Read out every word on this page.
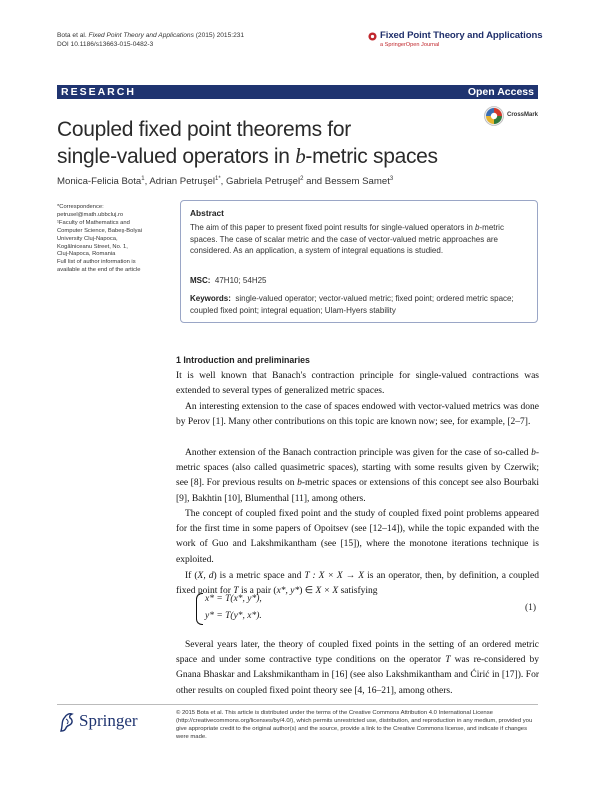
Bota et al. Fixed Point Theory and Applications (2015) 2015:231
DOI 10.1186/s13663-015-0482-3
Fixed Point Theory and Applications
a SpringerOpen Journal
RESEARCH	Open Access
CrossMark
Coupled fixed point theorems for
single-valued operators in b-metric spaces
Monica-Felicia Bota$^1$, Adrian Petruşel$^{1*}$, Gabriela Petruşel$^2$ and Bessem Samet$^3$

*Correspondence:

petrusel@math.ubbcluj.ro

¹Faculty of Mathematics and

Computer Science, Babeş-Bolyai

University Cluj-Napoca,

Kogălniceanu Street, No. 1,

Cluj-Napoca, Romania

Full list of author information is

available at the end of the article

Abstract
The aim of this paper to present fixed point results for single-valued operators in b-metric spaces. The case of scalar metric and the case of vector-valued metric approaches are considered. As an application, a system of integral equations is studied.
MSC: 47H10; 54H25
Keywords: single-valued operator; vector-valued metric; fixed point; ordered metric space; coupled fixed point; integral equation; Ulam-Hyers stability
1 Introduction and preliminaries
It is well known that Banach's contraction principle for single-valued contractions was extended to several types of generalized metric spaces.
An interesting extension to the case of spaces endowed with vector-valued metrics was done by Perov [1]. Many other contributions on this topic are known now; see, for example, [2–7].
Another extension of the Banach contraction principle was given for the case of so-called b-metric spaces (also called quasimetric spaces), starting with some results given by Czerwik; see [8]. For previous results on b-metric spaces or extensions of this concept see also Bourbaki [9], Bakhtin [10], Blumenthal [11], among others.
The concept of coupled fixed point and the study of coupled fixed point problems appeared for the first time in some papers of Opoitsev (see [12–14]), while the topic expanded with the work of Guo and Lakshmikantham (see [15]), where the monotone iterations technique is exploited.
If (X, d) is a metric space and T : X × X → X is an operator, then, by definition, a coupled fixed point for T is a pair (x*, y*) ∈ X × X satisfying
x* = T(x*, y*),
y* = T(y*, x*).
(1)
Several years later, the theory of coupled fixed points in the setting of an ordered metric space and under some contractive type conditions on the operator T was re-considered by Gnana Bhaskar and Lakshmikantham in [16] (see also Lakshmikantham and Ćirić in [17]). For other results on coupled fixed point theory see [4, 16–21], among others.
Springer	© 2015 Bota et al. This article is distributed under the terms of the Creative Commons Attribution 4.0 International License (http://creativecommons.org/licenses/by/4.0/), which permits unrestricted use, distribution, and reproduction in any medium, provided you give appropriate credit to the original author(s) and the source, provide a link to the Creative Commons license, and indicate if changes were made.
